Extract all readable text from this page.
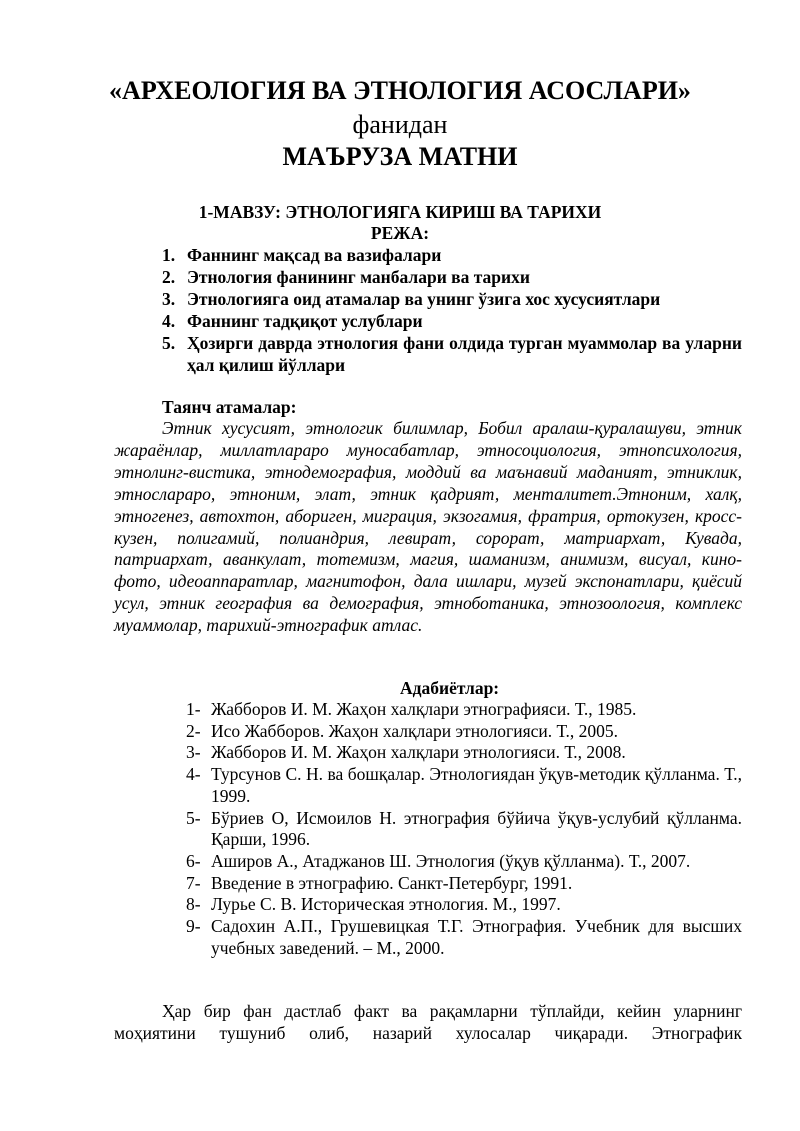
«АРХЕОЛОГИЯ ВА ЭТНОЛОГИЯ АСОСЛАРИ»
фанидан
МАЪРУЗА МАТНИ
1-МАВЗУ: ЭТНОЛОГИЯГА КИРИШ ВА ТАРИХИ
РЕЖА:
1. Фаннинг мақсад ва вазифалари
2. Этнология фанининг манбалари ва тарихи
3. Этнологияга оид атамалар ва унинг ўзига хос хусусиятлари
4. Фаннинг тадқиқот услублари
5. Ҳозирги даврда этнология фани олдида турган муаммолар ва уларни ҳал қилиш йўллари
Таянч атамалар:

Этник хусусият, этнологик билимлар, Бобил аралаш-қуралашуви, этник жараёнлар, миллатлараро муносабатлар, этносоциология, этнопсихология, этнолинг-вистика, этнодемография, моддий ва маънавий маданият, этниклик, этнослараро, этноним, элат, этник қадрият, менталитет.Этноним, халқ, этногенез, автохтон, абориген, миграция, экзогамия, фратрия, ортокузен, кросс-кузен, полигамий, полиандрия, левират, сорорат, матриархат, Кувада, патриархат, аванкулат, тотемизм, магия, шаманизм, анимизм, висуал, кино-фото, идеоаппаратлар, магнитофон, дала ишлари, музей экспонатлари, қиёсий усул, этник география ва демография, этноботаника, этнозоология, комплекс муаммолар, тарихий-этнографик атлас.

Адабиётлар:
1- Жабборов И. М. Жаҳон халқлари этнографияси. Т., 1985.
2- Исо Жабборов. Жаҳон халқлари этнологияси. Т., 2005.
3- Жабборов И. М. Жаҳон халқлари этнологияси. Т., 2008.
4- Турсунов С. Н. ва бошқалар. Этнологиядан ўқув-методик қўлланма. Т., 1999.
5- Бўриев О, Исмоилов Н. этнография бўйича ўқув-услубий қўлланма. Қарши, 1996.
6- Аширов А., Атаджанов Ш. Этнология (ўқув қўлланма). Т., 2007.
7- Введение в этнографию. Санкт-Петербург, 1991.
8- Лурье С. В. Историческая этнология. М., 1997.
9- Садохин А.П., Грушевицкая Т.Г. Этнография. Учебник для высших учебных заведений. – М., 2000.

Ҳар бир фан дастлаб факт ва рақамларни тўплайди, кейин уларнинг моҳиятини тушуниб олиб, назарий хулосалар чиқаради. Этнографик
